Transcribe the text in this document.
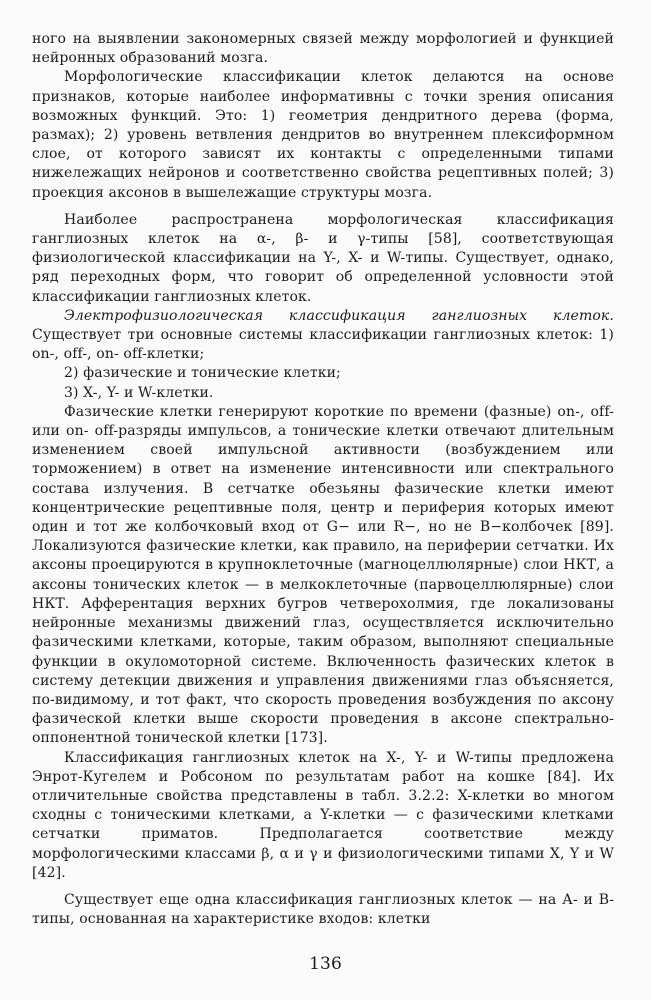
ного на выявлении закономерных связей между морфологией и функцией нейронных образований мозга.

Морфологические классификации клеток делаются на основе признаков, которые наиболее информативны с точки зрения описания возможных функций. Это: 1) геометрия дендритного дерева (форма, размах); 2) уровень ветвления дендритов во внутреннем плексиформном слое, от которого зависят их контакты с определенными типами нижележащих нейронов и соответственно свойства рецептивных полей; 3) проекция аксонов в вышележащие структуры мозга.

Наиболее распространена морфологическая классификация ганглиозных клеток на α-, β- и γ-типы [58], соответствующая физиологической классификации на Y-, X- и W-типы. Существует, однако, ряд переходных форм, что говорит об определенной условности этой классификации ганглиозных клеток.

Электрофизиологическая классификация ганглиозных клеток. Существует три основные системы классификации ганглиозных клеток: 1) on-, off-, on- off-клетки;

2) фазические и тонические клетки;

3) X-, Y- и W-клетки.

Фазические клетки генерируют короткие по времени (фазные) on-, off- или on- off-разряды импульсов, а тонические клетки отвечают длительным изменением своей импульсной активности (возбуждением или торможением) в ответ на изменение интенсивности или спектрального состава излучения. В сетчатке обезьяны фазические клетки имеют концентрические рецептивные поля, центр и периферия которых имеют один и тот же колбочковый вход от G− или R−, но не B−колбочек [89]. Локализуются фазические клетки, как правило, на периферии сетчатки. Их аксоны проецируются в крупноклеточные (магноцеллюлярные) слои НКТ, а аксоны тонических клеток — в мелкоклеточные (парвоцеллюлярные) слои НКТ. Афферентация верхних бугров четверохолмия, где локализованы нейронные механизмы движений глаз, осуществляется исключительно фазическими клетками, которые, таким образом, выполняют специальные функции в окуломоторной системе. Включенность фазических клеток в систему детекции движения и управления движениями глаз объясняется, по-видимому, и тот факт, что скорость проведения возбуждения по аксону фазической клетки выше скорости проведения в аксоне спектрально-оппонентной тонической клетки [173].

Классификация ганглиозных клеток на X-, Y- и W-типы предложена Энрот-Кугелем и Робсоном по результатам работ на кошке [84]. Их отличительные свойства представлены в табл. 3.2.2: X-клетки во многом сходны с тоническими клетками, а Y-клетки — с фазическими клетками сетчатки приматов. Предполагается соответствие между морфологическими классами β, α и γ и физиологическими типами X, Y и W [42].

Существует еще одна классификация ганглиозных клеток — на А- и В-типы, основанная на характеристике входов: клетки

136
